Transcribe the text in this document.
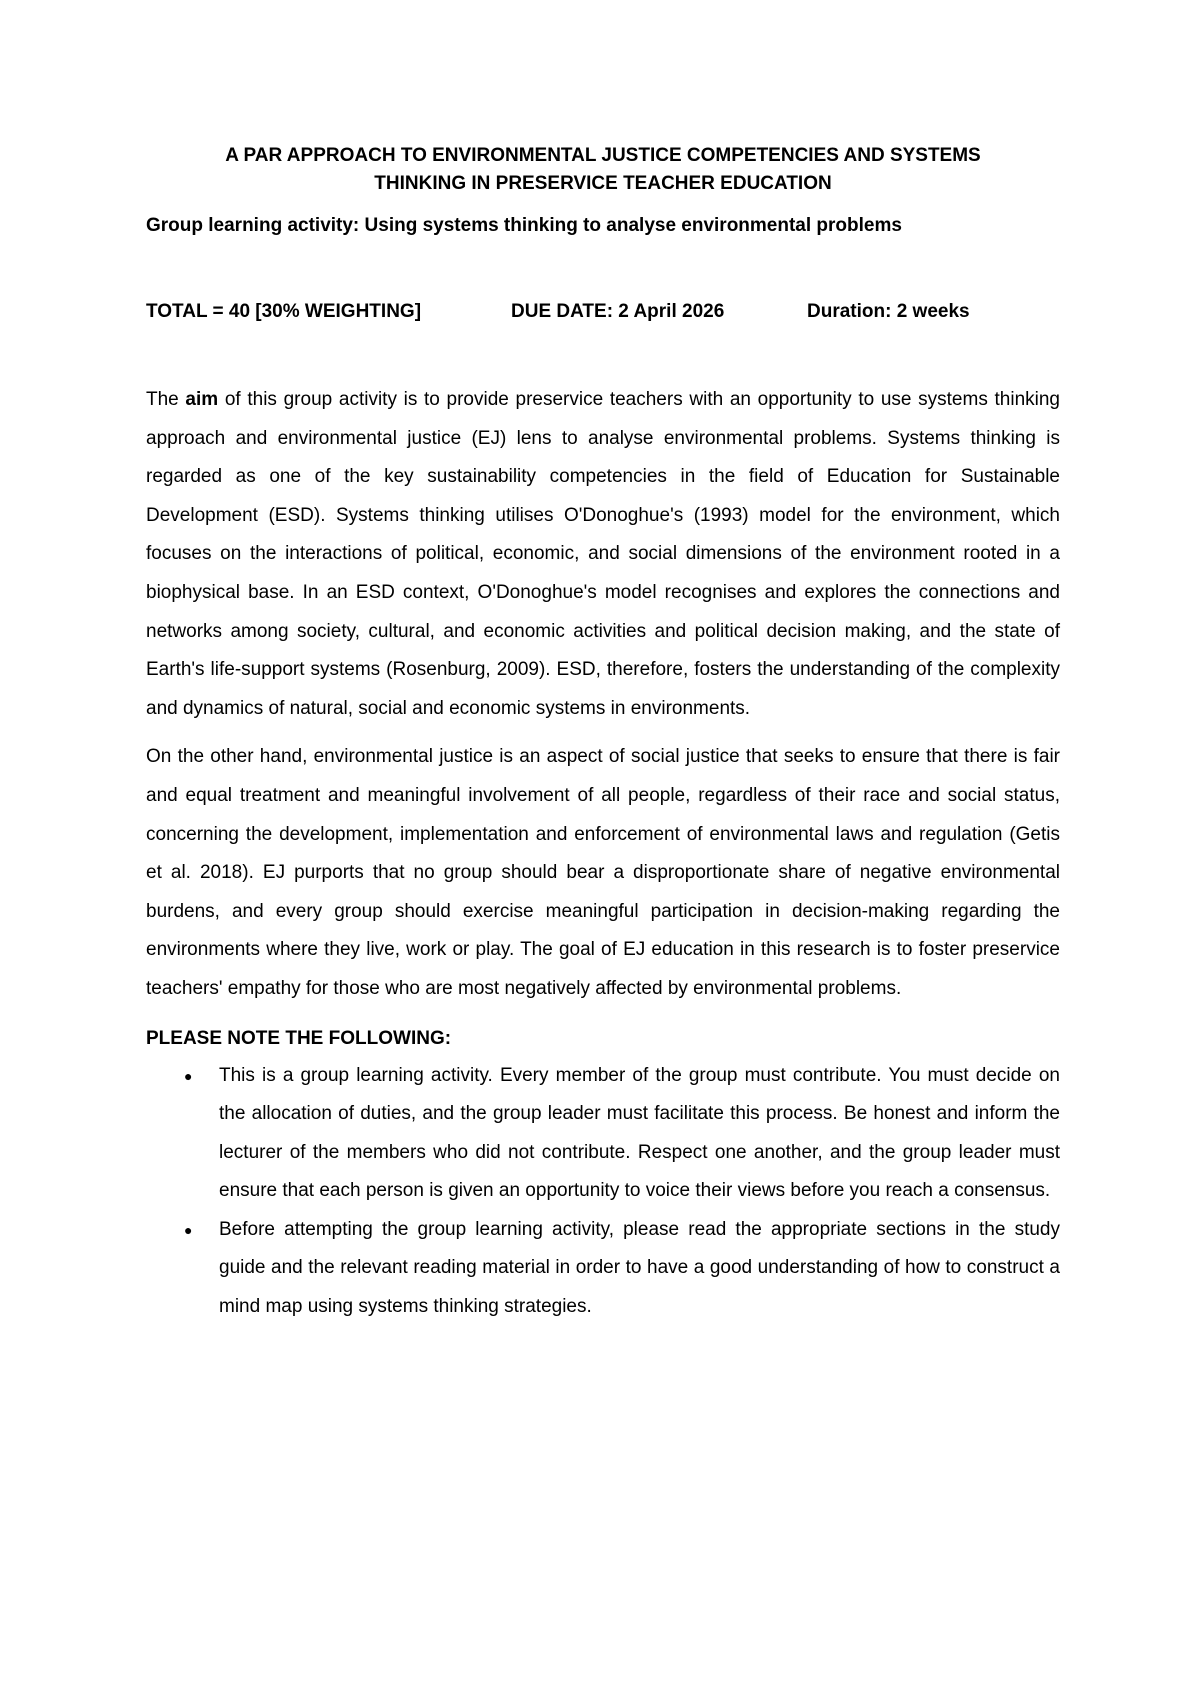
A PAR APPROACH TO ENVIRONMENTAL JUSTICE COMPETENCIES AND SYSTEMS
THINKING IN PRESERVICE TEACHER EDUCATION

Group learning activity: Using systems thinking to analyse environmental problems

TOTAL = 40 [30% WEIGHTING]	DUE DATE: 2 April 2026	Duration: 2 weeks

The aim of this group activity is to provide preservice teachers with an opportunity to use systems thinking approach and environmental justice (EJ) lens to analyse environmental problems. Systems thinking is regarded as one of the key sustainability competencies in the field of Education for Sustainable Development (ESD). Systems thinking utilises O'Donoghue's (1993) model for the environment, which focuses on the interactions of political, economic, and social dimensions of the environment rooted in a biophysical base. In an ESD context, O'Donoghue's model recognises and explores the connections and networks among society, cultural, and economic activities and political decision making, and the state of Earth's life-support systems (Rosenburg, 2009). ESD, therefore, fosters the understanding of the complexity and dynamics of natural, social and economic systems in environments.

On the other hand, environmental justice is an aspect of social justice that seeks to ensure that there is fair and equal treatment and meaningful involvement of all people, regardless of their race and social status, concerning the development, implementation and enforcement of environmental laws and regulation (Getis et al. 2018). EJ purports that no group should bear a disproportionate share of negative environmental burdens, and every group should exercise meaningful participation in decision-making regarding the environments where they live, work or play. The goal of EJ education in this research is to foster preservice teachers' empathy for those who are most negatively affected by environmental problems.

PLEASE NOTE THE FOLLOWING:
● This is a group learning activity. Every member of the group must contribute. You must decide on the allocation of duties, and the group leader must facilitate this process. Be honest and inform the lecturer of the members who did not contribute. Respect one another, and the group leader must ensure that each person is given an opportunity to voice their views before you reach a consensus.
● Before attempting the group learning activity, please read the appropriate sections in the study guide and the relevant reading material in order to have a good understanding of how to construct a mind map using systems thinking strategies.
